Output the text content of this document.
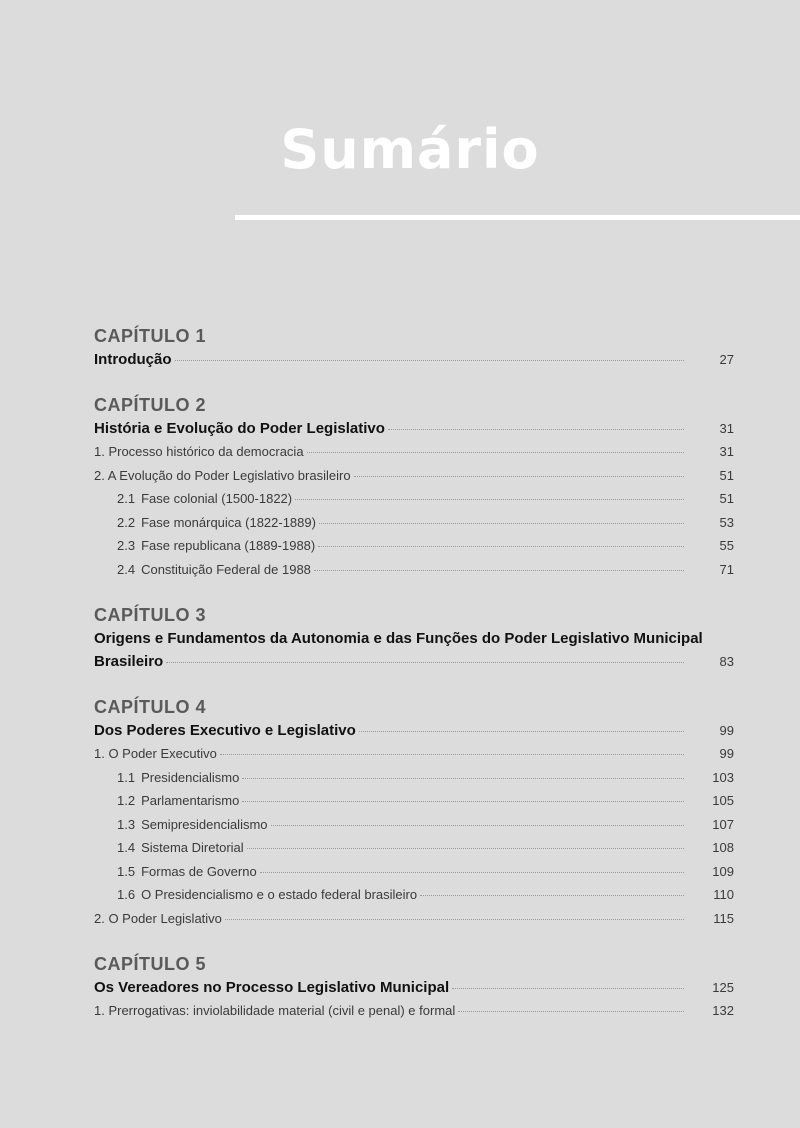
Sumário
CAPÍTULO 1
Introdução	27
CAPÍTULO 2
História e Evolução do Poder Legislativo	31
1. Processo histórico da democracia	31
2. A Evolução do Poder Legislativo brasileiro	51
2.1 Fase colonial (1500-1822)	51
2.2 Fase monárquica (1822-1889)	53
2.3 Fase republicana (1889-1988)	55
2.4 Constituição Federal de 1988	71
CAPÍTULO 3
Origens e Fundamentos da Autonomia e das Funções do Poder Legislativo Municipal
Brasileiro	83
CAPÍTULO 4
Dos Poderes Executivo e Legislativo	99
1. O Poder Executivo	99
1.1 Presidencialismo	103
1.2 Parlamentarismo	105
1.3 Semipresidencialismo	107
1.4 Sistema Diretorial	108
1.5 Formas de Governo	109
1.6 O Presidencialismo e o estado federal brasileiro	110
2. O Poder Legislativo	115
CAPÍTULO 5
Os Vereadores no Processo Legislativo Municipal	125
1. Prerrogativas: inviolabilidade material (civil e penal) e formal	132
